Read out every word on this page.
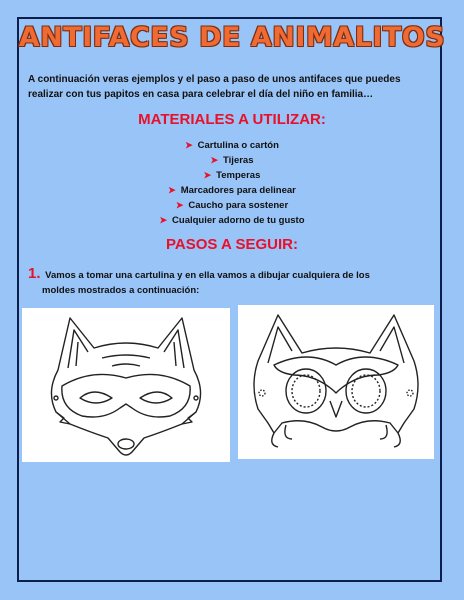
ANTIFACES DE ANIMALITOS
A continuación veras ejemplos y el paso a paso de unos antifaces que puedes realizar con tus papitos en casa para celebrar el día del niño en familia…
MATERIALES A UTILIZAR:
➤ Cartulina o cartón
➤ Tijeras
➤ Temperas
➤ Marcadores para delinear
➤ Caucho para sostener
➤ Cualquier adorno de tu gusto
PASOS A SEGUIR:
1. Vamos a tomar una cartulina y en ella vamos a dibujar cualquiera de los
moldes mostrados a continuación:
